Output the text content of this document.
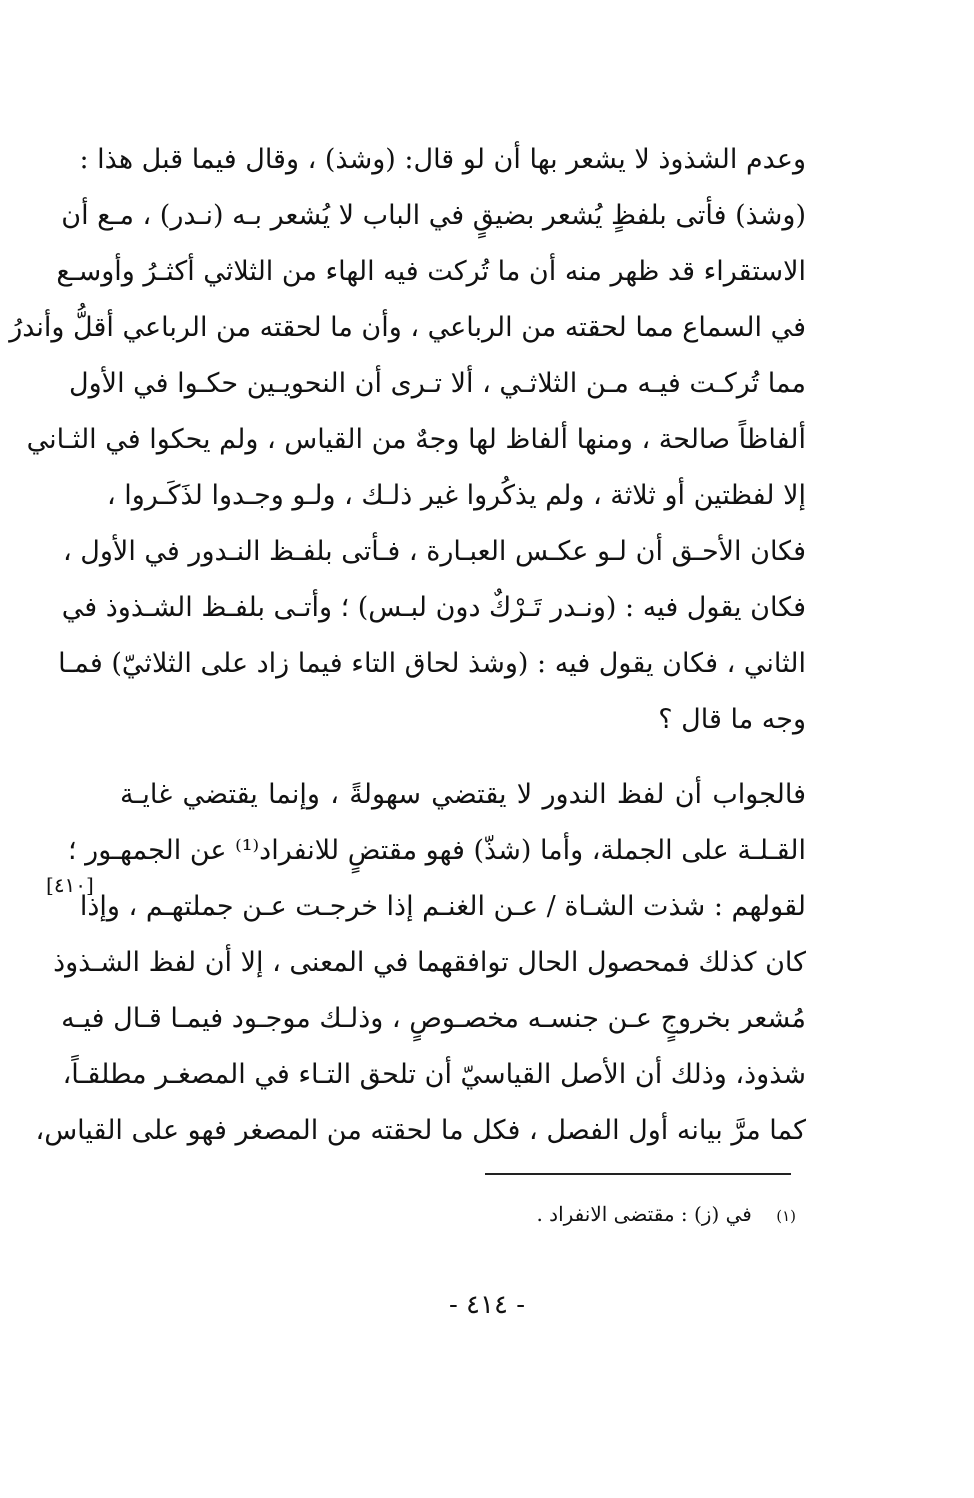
وعدم الشذوذ لا يشعر بها أن لو قال: (وشذ) ، وقال فيما قبل هذا :
(وشذ) فأتى بلفظٍ يُشعر بضيقٍ في الباب لا يُشعر بـه (نـدر) ، مـع أن
الاستقراء قد ظهر منه أن ما تُركت فيه الهاء من الثلاثي أكثـرُ وأوسـع
في السماع مما لحقته من الرباعي ، وأن ما لحقته من الرباعي أقلُّ وأندرُ
مما تُركـت فيـه مـن الثلاثـي ، ألا تـرى أن النحويـين حكـوا في الأول
ألفاظاً صالحة ، ومنها ألفاظ لها وجهٌ من القياس ، ولم يحكوا في الثـاني
إلا لفظتين أو ثلاثة ، ولم يذكُروا غير ذلـك ، ولـو وجـدوا لذَكَـروا ،
فكان الأحـق أن لـو عكـس العبـارة ، فـأتى بلفـظ النـدور في الأول ،
فكان يقول فيه : (ونـدر تَـرْكٌ دون لبـس) ؛ وأتـى بلفـظ الشـذوذ في
الثاني ، فكان يقول فيه : (وشذ لحاق التاء فيما زاد على الثلاثيّ) فمـا
وجه ما قال ؟
فالجواب أن لفظ الندور لا يقتضي سهولةً ، وإنما يقتضي غايـة
القـلـة على الجملة، وأما (شذّ) فهو مقتضٍ للانفراد⁽¹⁾ عن الجمهـور ؛
لقولهم : شذت الشـاة / عـن الغنـم إذا خرجـت عـن جملتهـم ، وإذا
كان كذلك فمحصول الحال توافقهما في المعنى ، إلا أن لفظ الشـذوذ
مُشعر بخروجٍ عـن جنسـه مخصـوصٍ ، وذلـك موجـود فيمـا قـال فيـه
شذوذ، وذلك أن الأصل القياسيّ أن تلحق التـاء في المصغـر مطلقـاً،
كما مرَّ بيانه أول الفصل ، فكل ما لحقته من المصغر فهو على القياس،
[٤١٠]
(١) في (ز) : مقتضى الانفراد .
- ٤١٤ -
